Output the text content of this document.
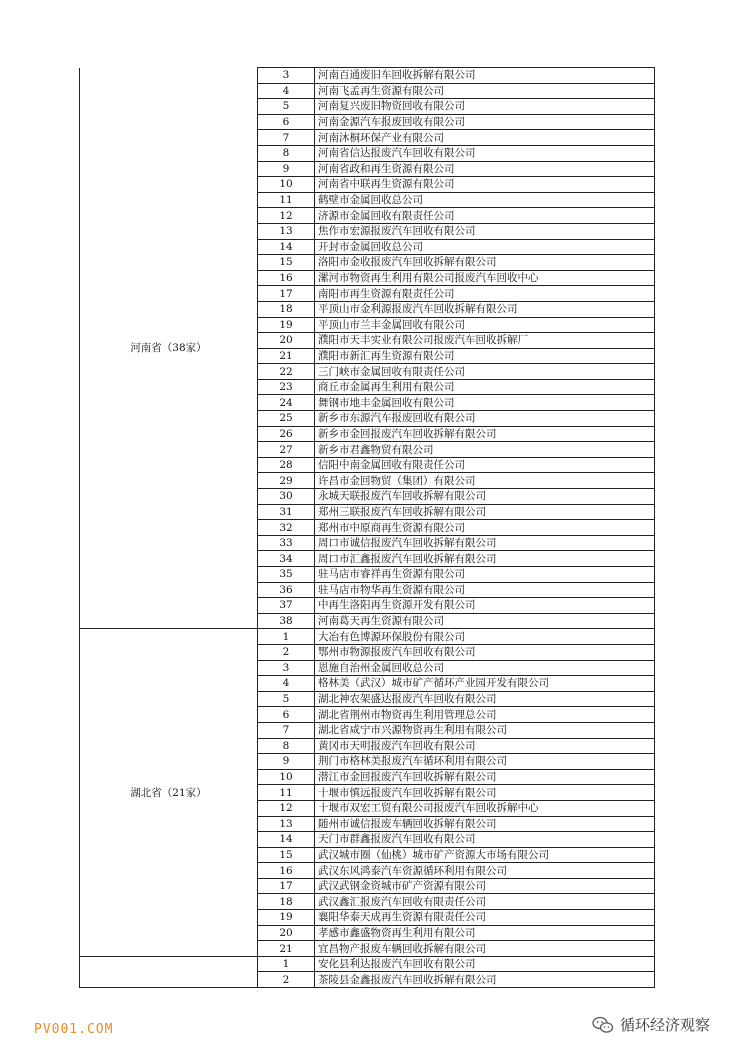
河南省（38家）	3	河南百通废旧车回收拆解有限公司
	4	河南飞孟再生资源有限公司
	5	河南复兴废旧物资回收有限公司
	6	河南金源汽车报废回收有限公司
	7	河南沐桐环保产业有限公司
	8	河南省信达报废汽车回收有限公司
	9	河南省政和再生资源有限公司
	10	河南省中联再生资源有限公司
	11	鹤壁市金属回收总公司
	12	济源市金属回收有限责任公司
	13	焦作市宏源报废汽车回收有限公司
	14	开封市金属回收总公司
	15	洛阳市金收报废汽车回收拆解有限公司
	16	漯河市物资再生利用有限公司报废汽车回收中心
	17	南阳市再生资源有限责任公司
	18	平顶山市金利源报废汽车回收拆解有限公司
	19	平顶山市兰丰金属回收有限公司
	20	濮阳市天丰实业有限公司报废汽车回收拆解厂
	21	濮阳市新汇再生资源有限公司
	22	三门峡市金属回收有限责任公司
	23	商丘市金属再生利用有限公司
	24	舞钢市地丰金属回收有限公司
	25	新乡市东源汽车报废回收有限公司
	26	新乡市金回报废汽车回收拆解有限公司
	27	新乡市君鑫物贸有限公司
	28	信阳中南金属回收有限责任公司
	29	许昌市金回物贸（集团）有限公司
	30	永城天联报废汽车回收拆解有限公司
	31	郑州三联报废汽车回收拆解有限公司
	32	郑州市中原商再生资源有限公司
	33	周口市诚信报废汽车回收拆解有限公司
	34	周口市汇鑫报废汽车回收拆解有限公司
	35	驻马店市睿祥再生资源有限公司
	36	驻马店市物华再生资源有限公司
	37	中再生洛阳再生资源开发有限公司
	38	河南葛天再生资源有限公司
湖北省（21家）	1	大冶有色博源环保股份有限公司
	2	鄂州市物源报废汽车回收有限公司
	3	恩施自治州金属回收总公司
	4	格林美（武汉）城市矿产循环产业园开发有限公司
	5	湖北神农架盛达报废汽车回收有限公司
	6	湖北省荆州市物资再生利用管理总公司
	7	湖北省咸宁市兴源物资再生利用有限公司
	8	黄冈市天明报废汽车回收有限公司
	9	荆门市格林美报废汽车循环利用有限公司
	10	潜江市金回报废汽车回收拆解有限公司
	11	十堰市慎远报废汽车回收拆解有限公司
	12	十堰市双宏工贸有限公司报废汽车回收拆解中心
	13	随州市诚信报废车辆回收拆解有限公司
	14	天门市群鑫报废汽车回收有限公司
	15	武汉城市圈（仙桃）城市矿产资源大市场有限公司
	16	武汉东风鸿泰汽车资源循环利用有限公司
	17	武汉武钢金资城市矿产资源有限公司
	18	武汉鑫汇报废汽车回收有限责任公司
	19	襄阳华泰天成再生资源有限责任公司
	20	孝感市鑫盛物资再生利用有限公司
	21	宜昌物产报废车辆回收拆解有限公司
	1	安化县利达报废汽车回收有限公司
	2	茶陵县金鑫报废汽车回收拆解有限公司
PV001.COM	循环经济观察
